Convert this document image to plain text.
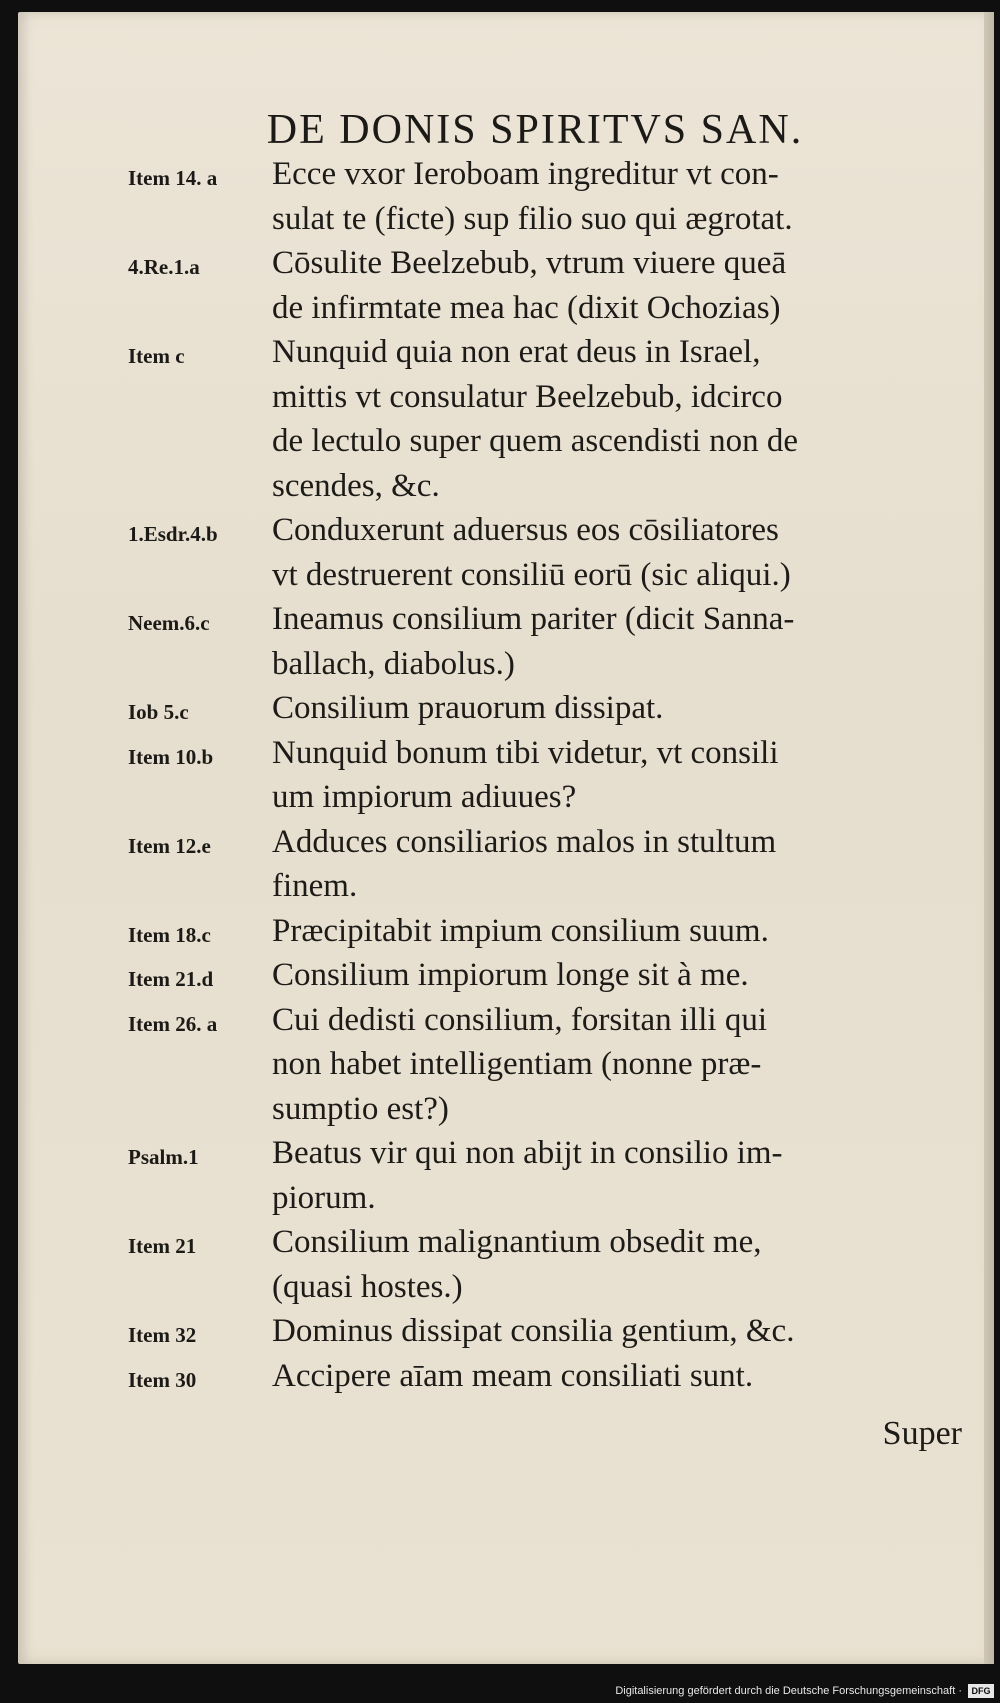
DE DONIS SPIRITVS SAN.
Item 14. a	Ecce vxor Ieroboam ingreditur vt con-
sulat te (ficte) sup filio suo qui ægrotat.
4.Re.1.a	Cōsulite Beelzebub, vtrum viuere queā
de infirmtate mea hac (dixit Ochozias)
Item c	Nunquid quia non erat deus in Israel,
mittis vt consulatur Beelzebub, idcirco
de lectulo super quem ascendisti non de
scendes, &c.
1.Esdr.4.b	Conduxerunt aduersus eos cōsiliatores
vt destruerent consiliū eorū (sic aliqui.)
Neem.6.c	Ineamus consilium pariter (dicit Sanna-
ballach, diabolus.)
Iob 5.c	Consilium prauorum dissipat.
Item 10.b	Nunquid bonum tibi videtur, vt consili
um impiorum adiuues?
Item 12.e	Adduces consiliarios malos in stultum
finem.
Item 18.c	Præcipitabit impium consilium suum.
Item 21.d	Consilium impiorum longe sit à me.
Item 26. a	Cui dedisti consilium, forsitan illi qui
non habet intelligentiam (nonne præ-
sumptio est?)
Psalm.1	Beatus vir qui non abijt in consilio im-
piorum.
Item 21	Consilium malignantium obsedit me,
(quasi hostes.)
Item 32	Dominus dissipat consilia gentium, &c.
Item 30	Accipere aīam meam consiliati sunt.
Super
Digitalisierung gefördert durch die Deutsche Forschungsgemeinschaft ·	DFG
